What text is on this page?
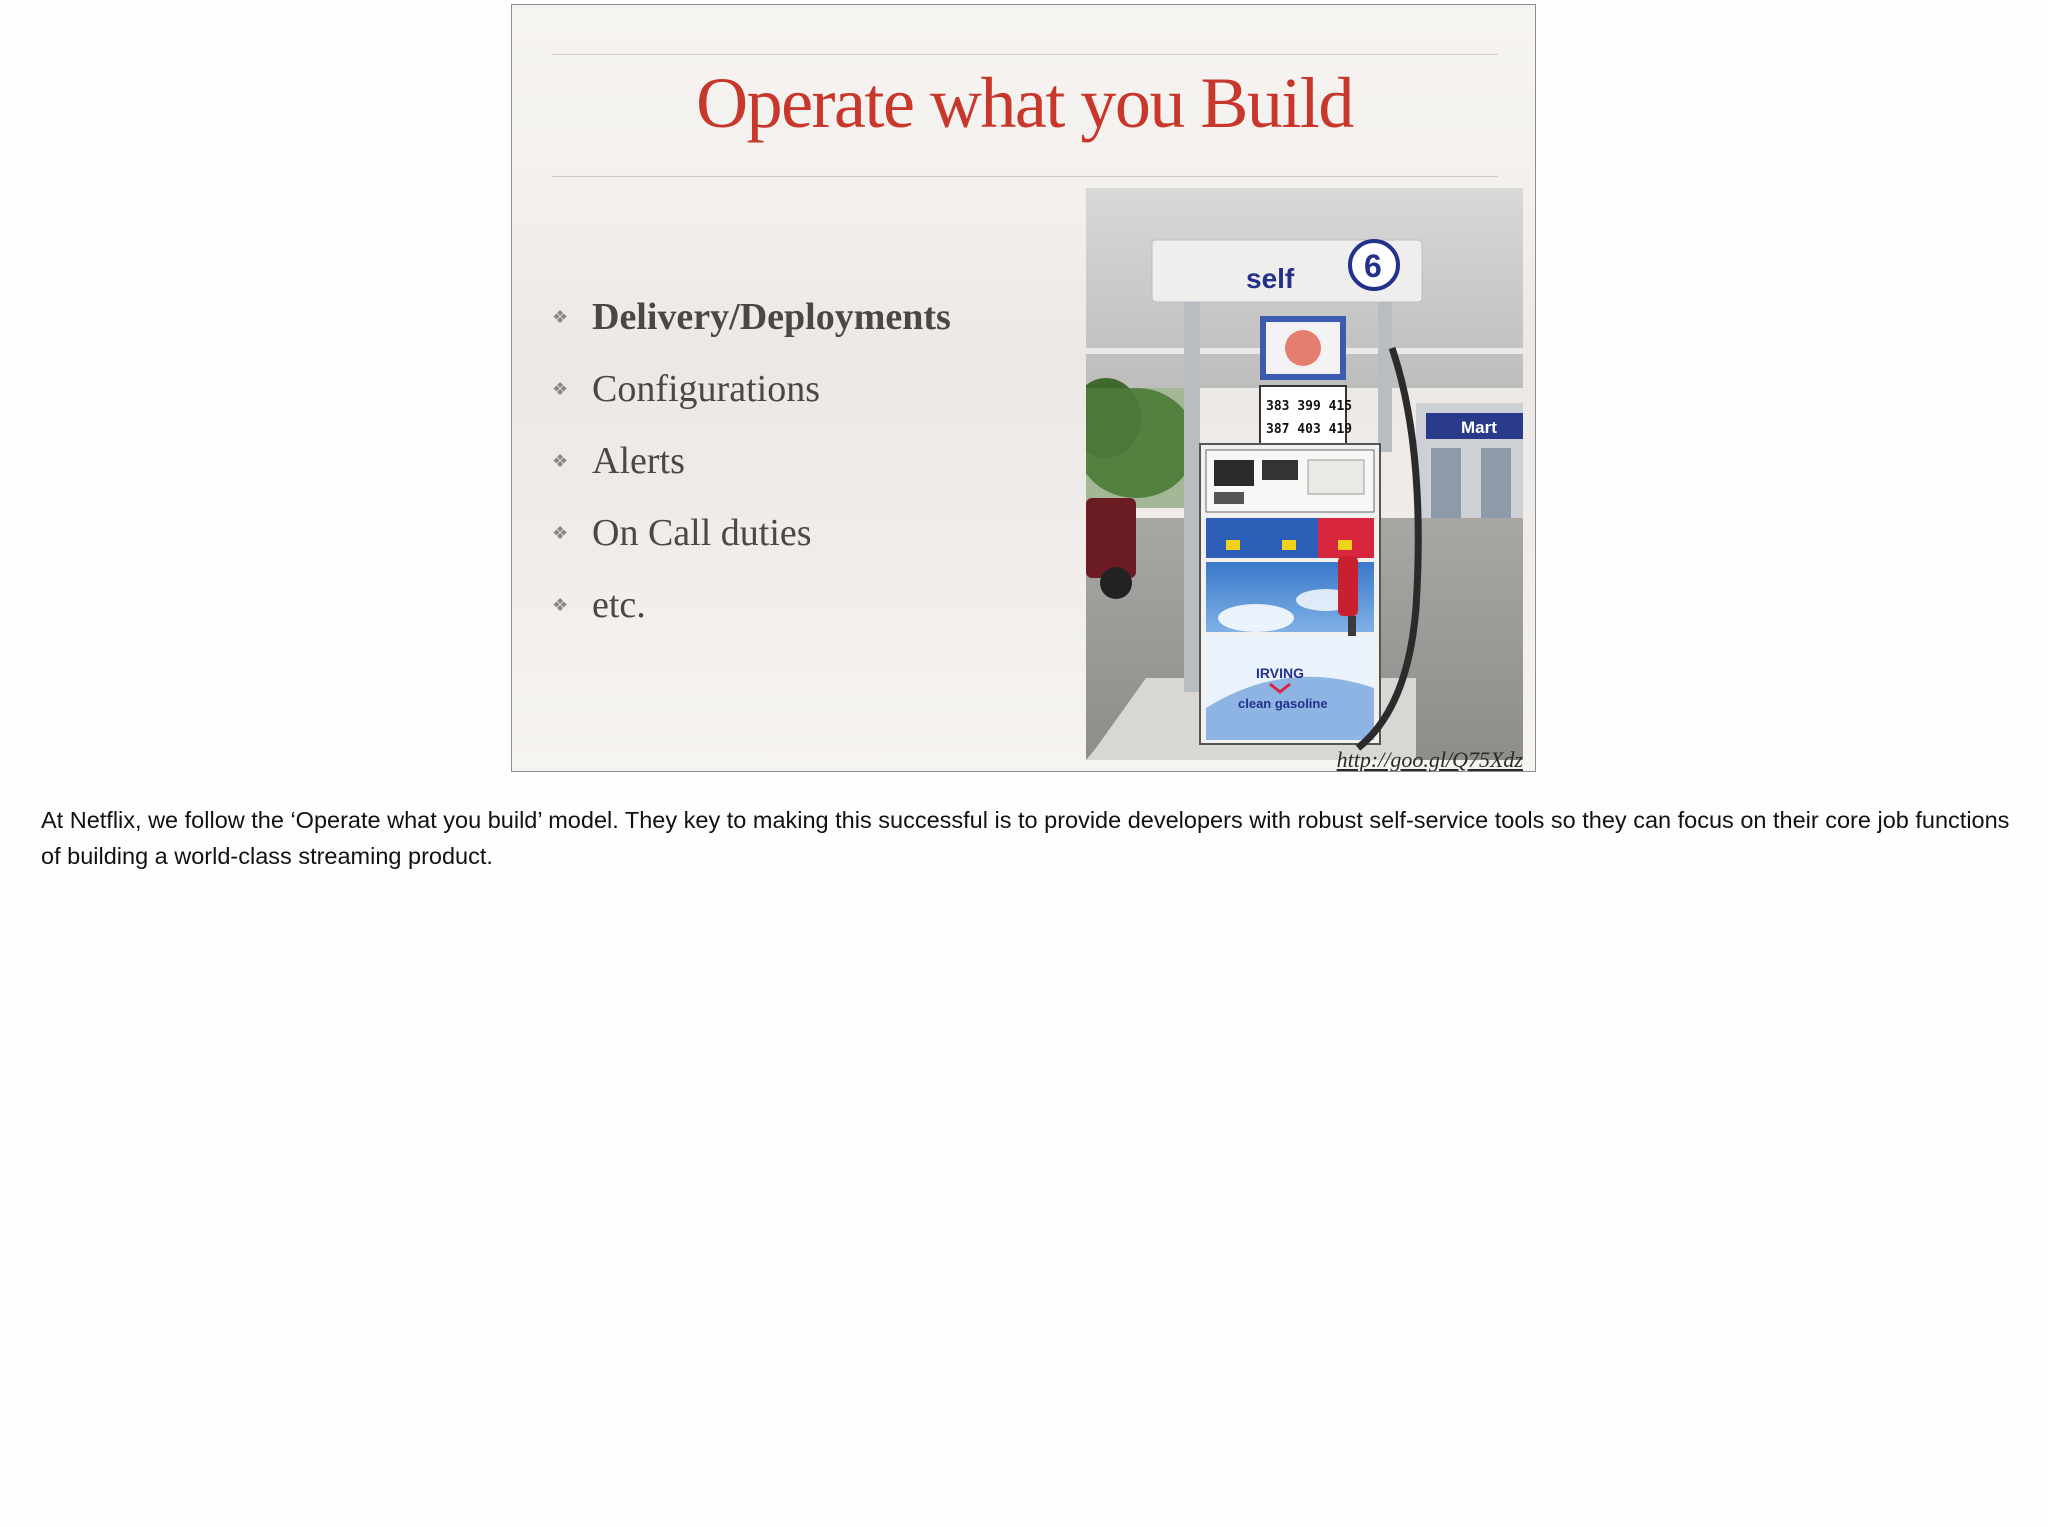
Operate what you Build
❖ Delivery/Deployments
❖ Configurations
❖ Alerts
❖ On Call duties
❖ etc.
Mart
self 6
383 399 415
387 403 419
IRVING
clean gasoline
http://goo.gl/Q75Xdz
At Netflix, we follow the ‘Operate what you build’ model. They key to making this successful is to provide developers with robust self-service tools so they can focus on their core job functions of building a world-class streaming product.
